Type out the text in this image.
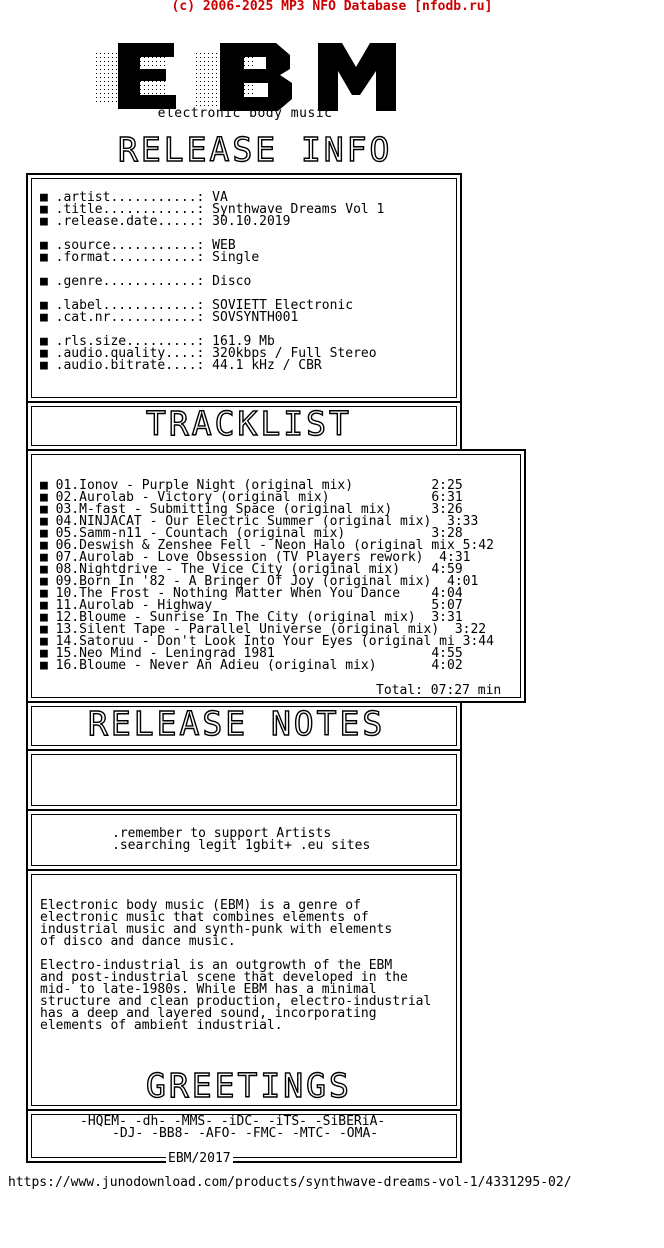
(c) 2006-2025 MP3 NFO Database [nfodb.ru]

electronic body music
RELEASE INFO
■ .artist...........: VA
■ .title............: Synthwave Dreams Vol 1
■ .release.date.....: 30.10.2019
■ .source...........: WEB
■ .format...........: Single
■ .genre............: Disco
■ .label............: SOVIETT Electronic
■ .cat.nr...........: SOVSYNTH001
■ .rls.size.........: 161.9 Mb
■ .audio.quality....: 320kbps / Full Stereo
■ .audio.bitrate....: 44.1 kHz / CBR
TRACKLIST
■ 01.Ionov - Purple Night (original mix)          2:25
■ 02.Aurolab - Victory (original mix)             6:31
■ 03.M-fast - Submitting Space (original mix)     3:26
■ 04.NINJACAT - Our Electric Summer (original mix)  3:33
■ 05.Samm-n11 - Countach (original mix)           3:28
■ 06.Deswish & Zenshee Fell - Neon Halo (original mix 5:42
■ 07.Aurolab - Love Obsession (TV Players rework)  4:31
■ 08.Nightdrive - The Vice City (original mix)    4:59
■ 09.Born In '82 - A Bringer Of Joy (original mix)  4:01
■ 10.The Frost - Nothing Matter When You Dance    4:04
■ 11.Aurolab - Highway                            5:07
■ 12.Bloume - Sunrise In The City (original mix)  3:31
■ 13.Silent Tape - Parallel Universe (original mix)  3:22
■ 14.Satoruu - Don't Look Into Your Eyes (original mi 3:44
■ 15.Neo Mind - Leningrad 1981                    4:55
■ 16.Bloume - Never An Adieu (original mix)       4:02
Total: 07:27 min
RELEASE NOTES
.remember to support Artists
.searching legit 1gbit+ .eu sites
Electronic body music (EBM) is a genre of
electronic music that combines elements of
industrial music and synth-punk with elements
of disco and dance music.
Electro-industrial is an outgrowth of the EBM
and post-industrial scene that developed in the
mid- to late-1980s. While EBM has a minimal
structure and clean production, electro-industrial
has a deep and layered sound, incorporating
elements of ambient industrial.
GREETINGS
-HQEM- -dh- -MMS- -iDC- -iTS- -SiBERiA-
-DJ- -BB8- -AFO- -FMC- -MTC- -OMA-
EBM/2017
https://www.junodownload.com/products/synthwave-dreams-vol-1/4331295-02/
